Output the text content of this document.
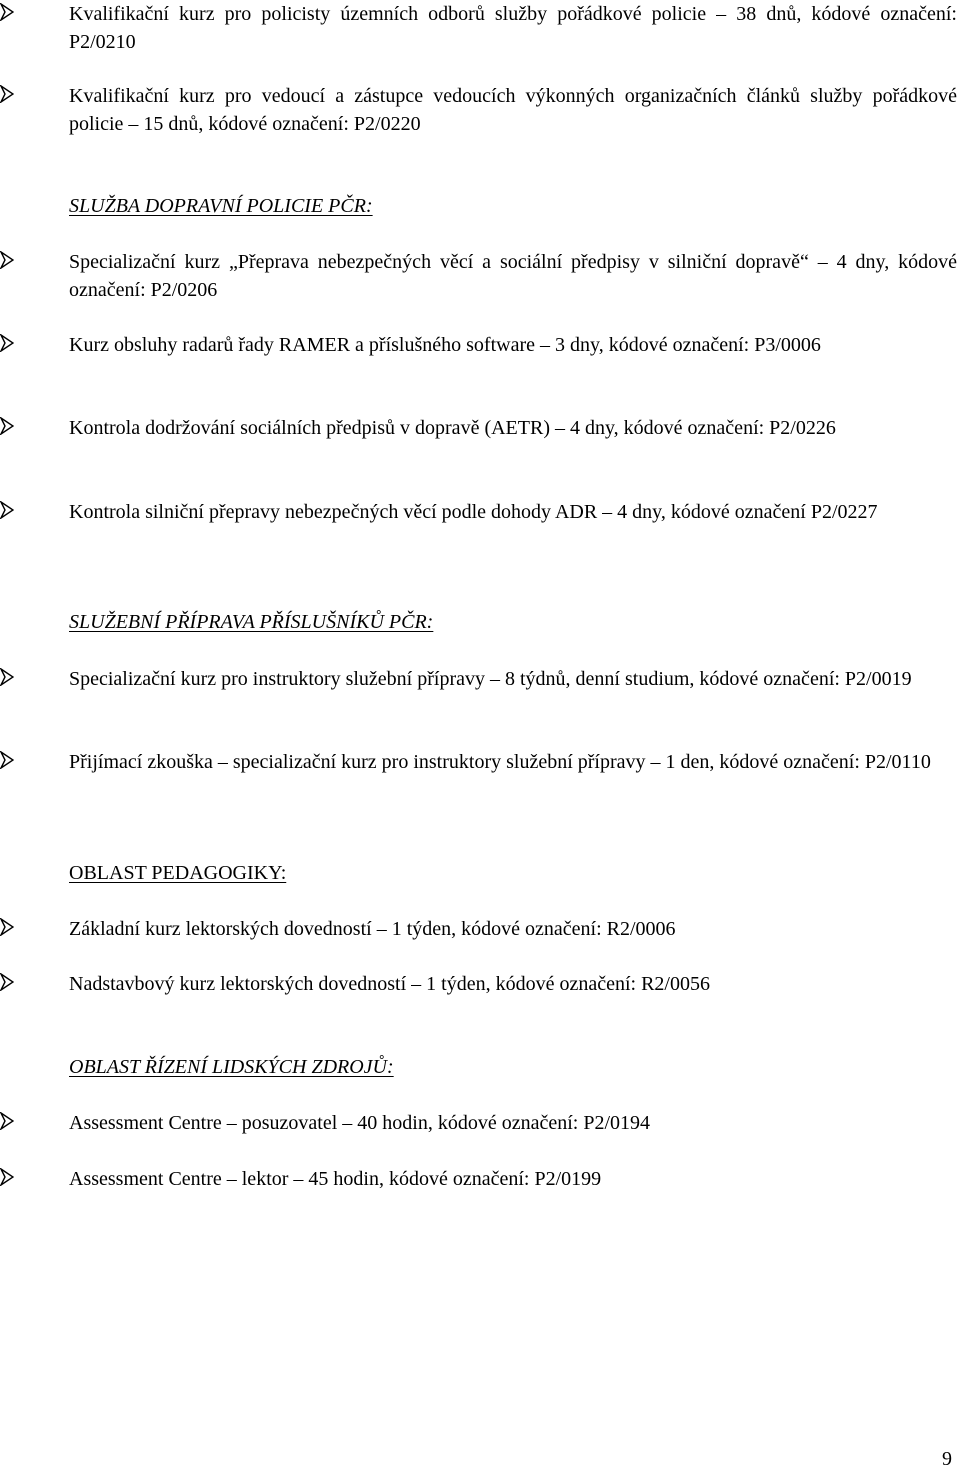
Kvalifikační kurz pro policisty územních odborů služby pořádkové policie – 38 dnů, kódové označení: P2/0210
Kvalifikační kurz pro vedoucí a zástupce vedoucích výkonných organizačních článků služby pořádkové policie – 15 dnů, kódové označení: P2/0220
SLUŽBA DOPRAVNÍ POLICIE PČR:
Specializační kurz „Přeprava nebezpečných věcí a sociální předpisy v silniční dopravě“ – 4 dny, kódové označení: P2/0206
Kurz obsluhy radarů řady RAMER a příslušného software – 3 dny, kódové označení: P3/0006
Kontrola dodržování sociálních předpisů v dopravě (AETR) – 4 dny, kódové označení: P2/0226
Kontrola silniční přepravy nebezpečných věcí podle dohody ADR – 4 dny, kódové označení P2/0227
SLUŽEBNÍ PŘÍPRAVA PŘÍSLUŠNÍKŮ PČR:
Specializační kurz pro instruktory služební přípravy – 8 týdnů, denní studium, kódové označení: P2/0019
Přijímací zkouška – specializační kurz pro instruktory služební přípravy – 1 den, kódové označení: P2/0110
OBLAST PEDAGOGIKY:
Základní kurz lektorských dovedností – 1 týden, kódové označení: R2/0006
Nadstavbový kurz lektorských dovedností – 1 týden, kódové označení: R2/0056
OBLAST ŘÍZENÍ LIDSKÝCH ZDROJŮ:
Assessment Centre – posuzovatel – 40 hodin, kódové označení: P2/0194
Assessment Centre – lektor – 45 hodin, kódové označení: P2/0199
9
